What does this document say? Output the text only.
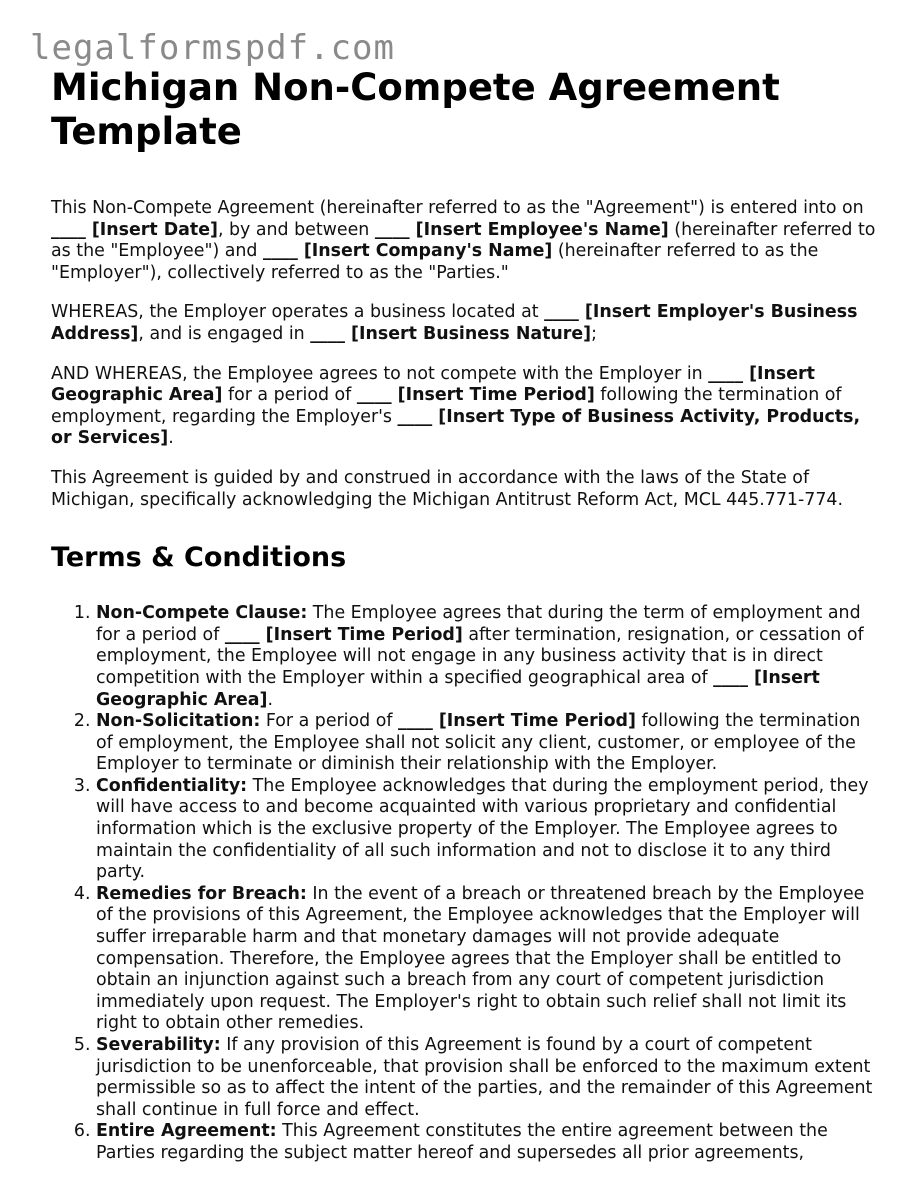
legalformspdf.com
Michigan Non-Compete Agreement Template

This Non-Compete Agreement (hereinafter referred to as the "Agreement") is entered into on ____ [Insert Date], by and between ____ [Insert Employee's Name] (hereinafter referred to as the "Employee") and ____ [Insert Company's Name] (hereinafter referred to as the "Employer"), collectively referred to as the "Parties."

WHEREAS, the Employer operates a business located at ____ [Insert Employer's Business Address], and is engaged in ____ [Insert Business Nature];

AND WHEREAS, the Employee agrees to not compete with the Employer in ____ [Insert Geographic Area] for a period of ____ [Insert Time Period] following the termination of employment, regarding the Employer's ____ [Insert Type of Business Activity, Products, or Services].

This Agreement is guided by and construed in accordance with the laws of the State of Michigan, specifically acknowledging the Michigan Antitrust Reform Act, MCL 445.771-774.

Terms & Conditions
1. Non-Compete Clause: The Employee agrees that during the term of employment and for a period of ____ [Insert Time Period] after termination, resignation, or cessation of employment, the Employee will not engage in any business activity that is in direct competition with the Employer within a specified geographical area of ____ [Insert Geographic Area].
2. Non-Solicitation: For a period of ____ [Insert Time Period] following the termination of employment, the Employee shall not solicit any client, customer, or employee of the Employer to terminate or diminish their relationship with the Employer.
3. Confidentiality: The Employee acknowledges that during the employment period, they will have access to and become acquainted with various proprietary and confidential information which is the exclusive property of the Employer. The Employee agrees to maintain the confidentiality of all such information and not to disclose it to any third party.
4. Remedies for Breach: In the event of a breach or threatened breach by the Employee of the provisions of this Agreement, the Employee acknowledges that the Employer will suffer irreparable harm and that monetary damages will not provide adequate compensation. Therefore, the Employee agrees that the Employer shall be entitled to obtain an injunction against such a breach from any court of competent jurisdiction immediately upon request. The Employer's right to obtain such relief shall not limit its right to obtain other remedies.
5. Severability: If any provision of this Agreement is found by a court of competent jurisdiction to be unenforceable, that provision shall be enforced to the maximum extent permissible so as to affect the intent of the parties, and the remainder of this Agreement shall continue in full force and effect.
6. Entire Agreement: This Agreement constitutes the entire agreement between the Parties regarding the subject matter hereof and supersedes all prior agreements,
